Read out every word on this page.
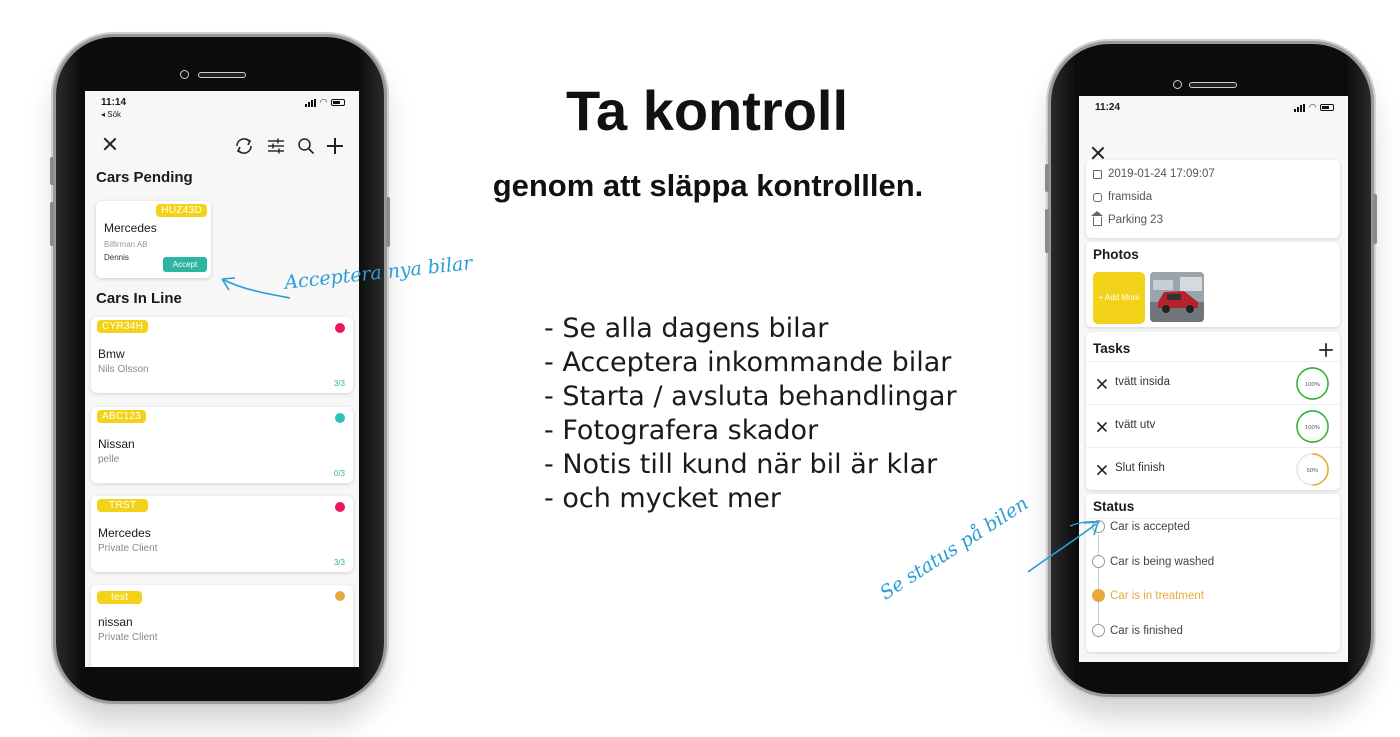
11:14	◠
◂ Sök
Cars Pending
HUZ43D
Mercedes
Bilfirman AB
Dennis
Accept
Cars In Line
CYR34H
Bmw
Nils Olsson
3/3
ABC123
Nissan
pelle
0/3
TRST
Mercedes
Private Client
3/3
test
nissan
Private Client
11:24	◠
2019-01-24 17:09:07
framsida
Parking 23
Photos
+ Add More
Tasks
tvätt insida	100%
tvätt utv	100%
Slut finish	50%
Status
Car is accepted
Car is being washed
Car is in treatment
Car is finished
Ta kontroll
genom att släppa kontrolllen.
- Se alla dagens bilar
- Acceptera inkommande bilar
- Starta / avsluta behandlingar
- Fotografera skador
- Notis till kund när bil är klar
- och mycket mer
Acceptera nya bilar
Se status på bilen
